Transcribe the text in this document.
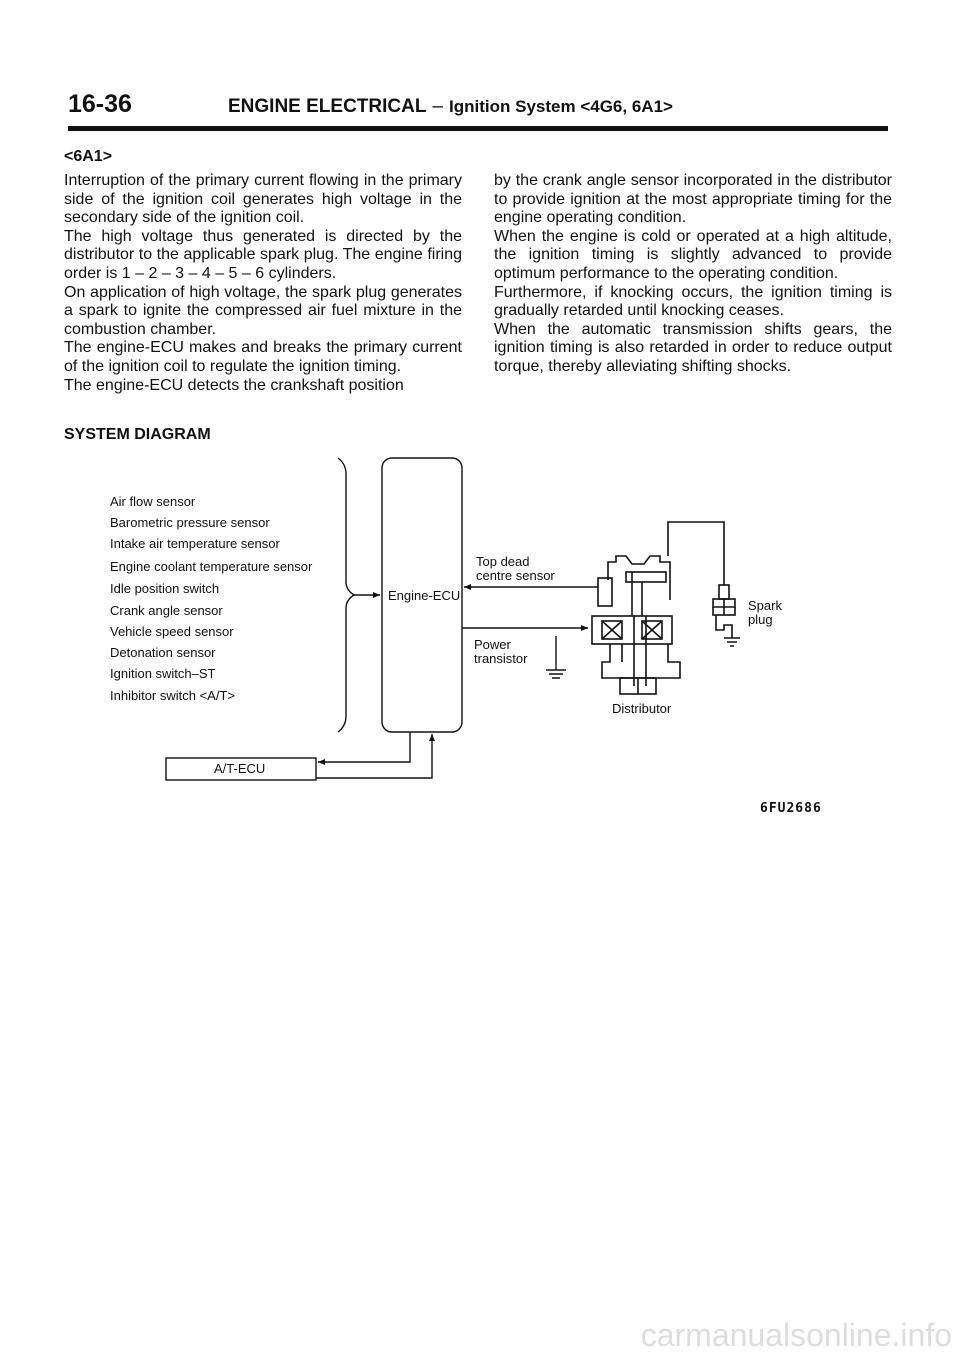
16-36	ENGINE ELECTRICAL – Ignition System <4G6, 6A1>
<6A1>

Interruption of the primary current flowing in the primary side of the ignition coil generates high voltage in the secondary side of the ignition coil.

The high voltage thus generated is directed by the distributor to the applicable spark plug. The engine firing order is 1 – 2 – 3 – 4 – 5 – 6 cylinders.

On application of high voltage, the spark plug generates a spark to ignite the compressed air fuel mixture in the combustion chamber.

The engine-ECU makes and breaks the primary current of the ignition coil to regulate the ignition timing.

The engine-ECU detects the crankshaft position

by the crank angle sensor incorporated in the distributor to provide ignition at the most appropriate timing for the engine operating condition.

When the engine is cold or operated at a high altitude, the ignition timing is slightly advanced to provide optimum performance to the operating condition.

Furthermore, if knocking occurs, the ignition timing is gradually retarded until knocking ceases.

When the automatic transmission shifts gears, the ignition timing is also retarded in order to reduce output torque, thereby alleviating shifting shocks.

SYSTEM DIAGRAM
Air flow sensor
Barometric pressure sensor
Intake air temperature sensor
Engine coolant temperature sensor
Idle position switch
Crank angle sensor
Vehicle speed sensor
Detonation sensor
Ignition switch–ST
Inhibitor switch <A/T>
Engine-ECU
Top dead
centre sensor
Power
transistor
Spark
plug
Distributor
A/T-ECU
6FU2686
carmanualsonline.info
